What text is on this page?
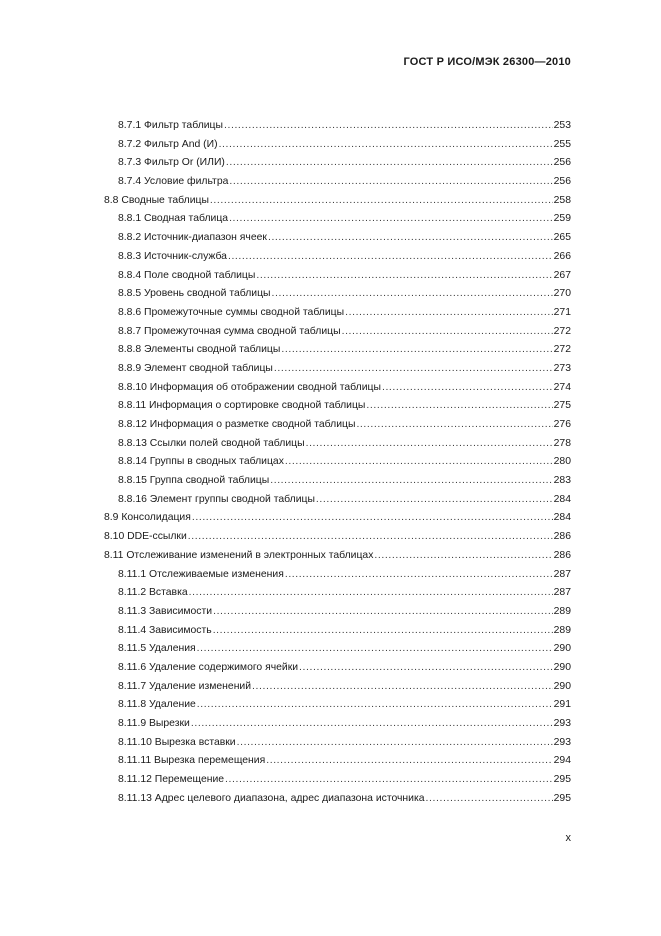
ГОСТ Р ИСО/МЭК 26300—2010
8.7.1 Фильтр таблицы .....	253
8.7.2 Фильтр And (И) .....	255
8.7.3 Фильтр Or (ИЛИ) .....	256
8.7.4 Условие фильтра .....	256
8.8 Сводные таблицы .....	258
8.8.1 Сводная таблица .....	259
8.8.2 Источник-диапазон ячеек .....	265
8.8.3 Источник-служба .....	266
8.8.4 Поле сводной таблицы .....	267
8.8.5 Уровень сводной таблицы .....	270
8.8.6 Промежуточные суммы сводной таблицы .....	271
8.8.7 Промежуточная сумма сводной таблицы .....	272
8.8.8 Элементы сводной таблицы .....	272
8.8.9 Элемент сводной таблицы .....	273
8.8.10 Информация об отображении сводной таблицы .....	274
8.8.11 Информация о сортировке сводной таблицы .....	275
8.8.12 Информация о разметке сводной таблицы .....	276
8.8.13 Ссылки полей сводной таблицы .....	278
8.8.14 Группы в сводных таблицах .....	280
8.8.15 Группа сводной таблицы .....	283
8.8.16 Элемент группы сводной таблицы .....	284
8.9 Консолидация .....	284
8.10 DDE-ссылки .....	286
8.11 Отслеживание изменений в электронных таблицах .....	286
8.11.1 Отслеживаемые изменения .....	287
8.11.2 Вставка .....	287
8.11.3 Зависимости .....	289
8.11.4 Зависимость .....	289
8.11.5 Удаления .....	290
8.11.6 Удаление содержимого ячейки .....	290
8.11.7 Удаление изменений .....	290
8.11.8 Удаление .....	291
8.11.9 Вырезки .....	293
8.11.10 Вырезка вставки .....	293
8.11.11 Вырезка перемещения .....	294
8.11.12 Перемещение .....	295
8.11.13 Адрес целевого диапазона, адрес диапазона источника .....	295
x
